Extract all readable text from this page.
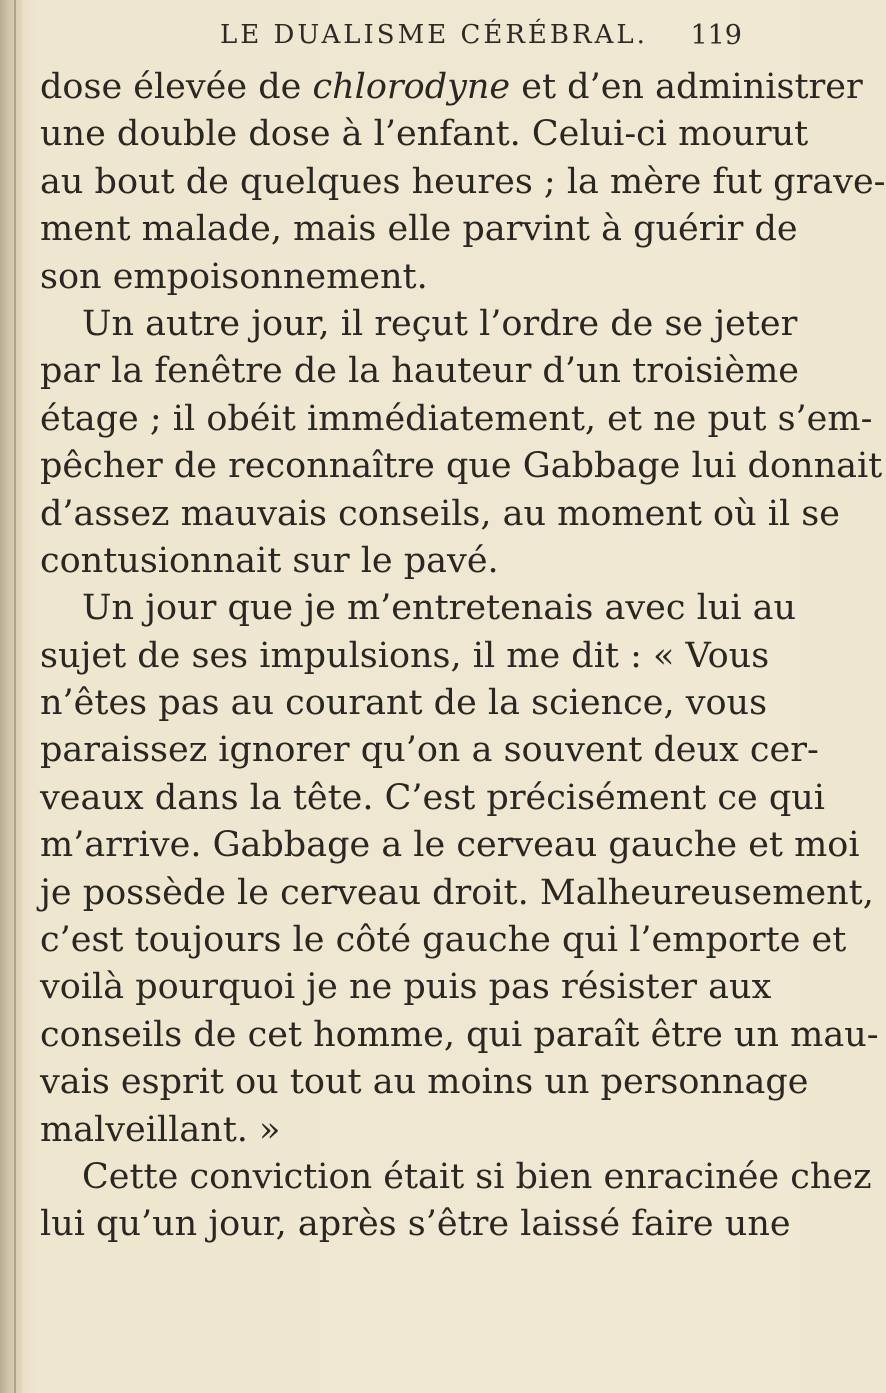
LE DUALISME CÉRÉBRAL. 119
dose élevée de chlorodyne et d’en administrer
une double dose à l’enfant. Celui-ci mourut
au bout de quelques heures ; la mère fut grave-
ment malade, mais elle parvint à guérir de
son empoisonnement.
Un autre jour, il reçut l’ordre de se jeter
par la fenêtre de la hauteur d’un troisième
étage ; il obéit immédiatement, et ne put s’em-
pêcher de reconnaître que Gabbage lui donnait
d’assez mauvais conseils, au moment où il se
contusionnait sur le pavé.
Un jour que je m’entretenais avec lui au
sujet de ses impulsions, il me dit : « Vous
n’êtes pas au courant de la science, vous
paraissez ignorer qu’on a souvent deux cer-
veaux dans la tête. C’est précisément ce qui
m’arrive. Gabbage a le cerveau gauche et moi
je possède le cerveau droit. Malheureusement,
c’est toujours le côté gauche qui l’emporte et
voilà pourquoi je ne puis pas résister aux
conseils de cet homme, qui paraît être un mau-
vais esprit ou tout au moins un personnage
malveillant. »
Cette conviction était si bien enracinée chez
lui qu’un jour, après s’être laissé faire une
